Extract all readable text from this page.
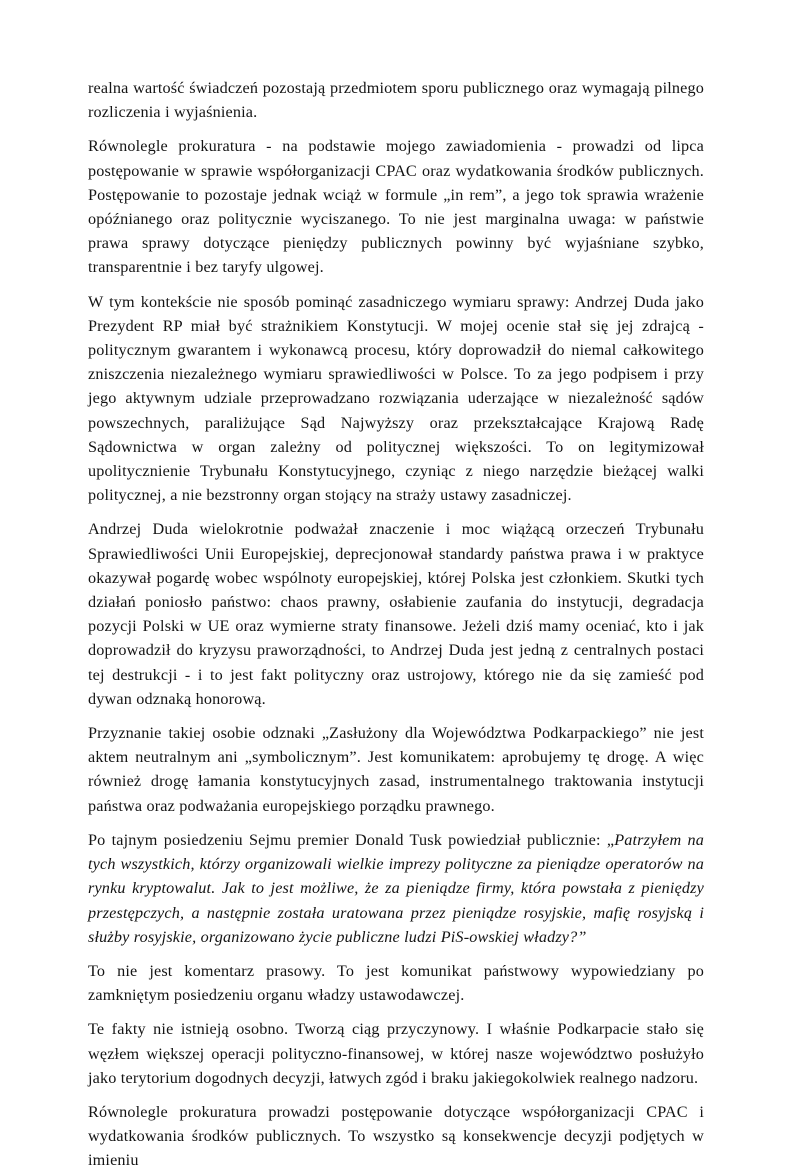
realna wartość świadczeń pozostają przedmiotem sporu publicznego oraz wymagają pilnego rozliczenia i wyjaśnienia.

Równolegle prokuratura - na podstawie mojego zawiadomienia - prowadzi od lipca postępowanie w sprawie współorganizacji CPAC oraz wydatkowania środków publicznych. Postępowanie to pozostaje jednak wciąż w formule „in rem”, a jego tok sprawia wrażenie opóźnianego oraz politycznie wyciszanego. To nie jest marginalna uwaga: w państwie prawa sprawy dotyczące pieniędzy publicznych powinny być wyjaśniane szybko, transparentnie i bez taryfy ulgowej.

W tym kontekście nie sposób pominąć zasadniczego wymiaru sprawy: Andrzej Duda jako Prezydent RP miał być strażnikiem Konstytucji. W mojej ocenie stał się jej zdrajcą - politycznym gwarantem i wykonawcą procesu, który doprowadził do niemal całkowitego zniszczenia niezależnego wymiaru sprawiedliwości w Polsce. To za jego podpisem i przy jego aktywnym udziale przeprowadzano rozwiązania uderzające w niezależność sądów powszechnych, paraliżujące Sąd Najwyższy oraz przekształcające Krajową Radę Sądownictwa w organ zależny od politycznej większości. To on legitymizował upolitycznienie Trybunału Konstytucyjnego, czyniąc z niego narzędzie bieżącej walki politycznej, a nie bezstronny organ stojący na straży ustawy zasadniczej.

Andrzej Duda wielokrotnie podważał znaczenie i moc wiążącą orzeczeń Trybunału Sprawiedliwości Unii Europejskiej, deprecjonował standardy państwa prawa i w praktyce okazywał pogardę wobec wspólnoty europejskiej, której Polska jest członkiem. Skutki tych działań poniosło państwo: chaos prawny, osłabienie zaufania do instytucji, degradacja pozycji Polski w UE oraz wymierne straty finansowe. Jeżeli dziś mamy oceniać, kto i jak doprowadził do kryzysu praworządności, to Andrzej Duda jest jedną z centralnych postaci tej destrukcji - i to jest fakt polityczny oraz ustrojowy, którego nie da się zamieść pod dywan odznaką honorową.

Przyznanie takiej osobie odznaki „Zasłużony dla Województwa Podkarpackiego” nie jest aktem neutralnym ani „symbolicznym”. Jest komunikatem: aprobujemy tę drogę. A więc również drogę łamania konstytucyjnych zasad, instrumentalnego traktowania instytucji państwa oraz podważania europejskiego porządku prawnego.

Po tajnym posiedzeniu Sejmu premier Donald Tusk powiedział publicznie: „Patrzyłem na tych wszystkich, którzy organizowali wielkie imprezy polityczne za pieniądze operatorów na rynku kryptowalut. Jak to jest możliwe, że za pieniądze firmy, która powstała z pieniędzy przestępczych, a następnie została uratowana przez pieniądze rosyjskie, mafię rosyjską i służby rosyjskie, organizowano życie publiczne ludzi PiS-owskiej władzy?”

To nie jest komentarz prasowy. To jest komunikat państwowy wypowiedziany po zamkniętym posiedzeniu organu władzy ustawodawczej.

Te fakty nie istnieją osobno. Tworzą ciąg przyczynowy. I właśnie Podkarpacie stało się węzłem większej operacji polityczno-finansowej, w której nasze województwo posłużyło jako terytorium dogodnych decyzji, łatwych zgód i braku jakiegokolwiek realnego nadzoru.

Równolegle prokuratura prowadzi postępowanie dotyczące współorganizacji CPAC i wydatkowania środków publicznych. To wszystko są konsekwencje decyzji podjętych w imieniu
